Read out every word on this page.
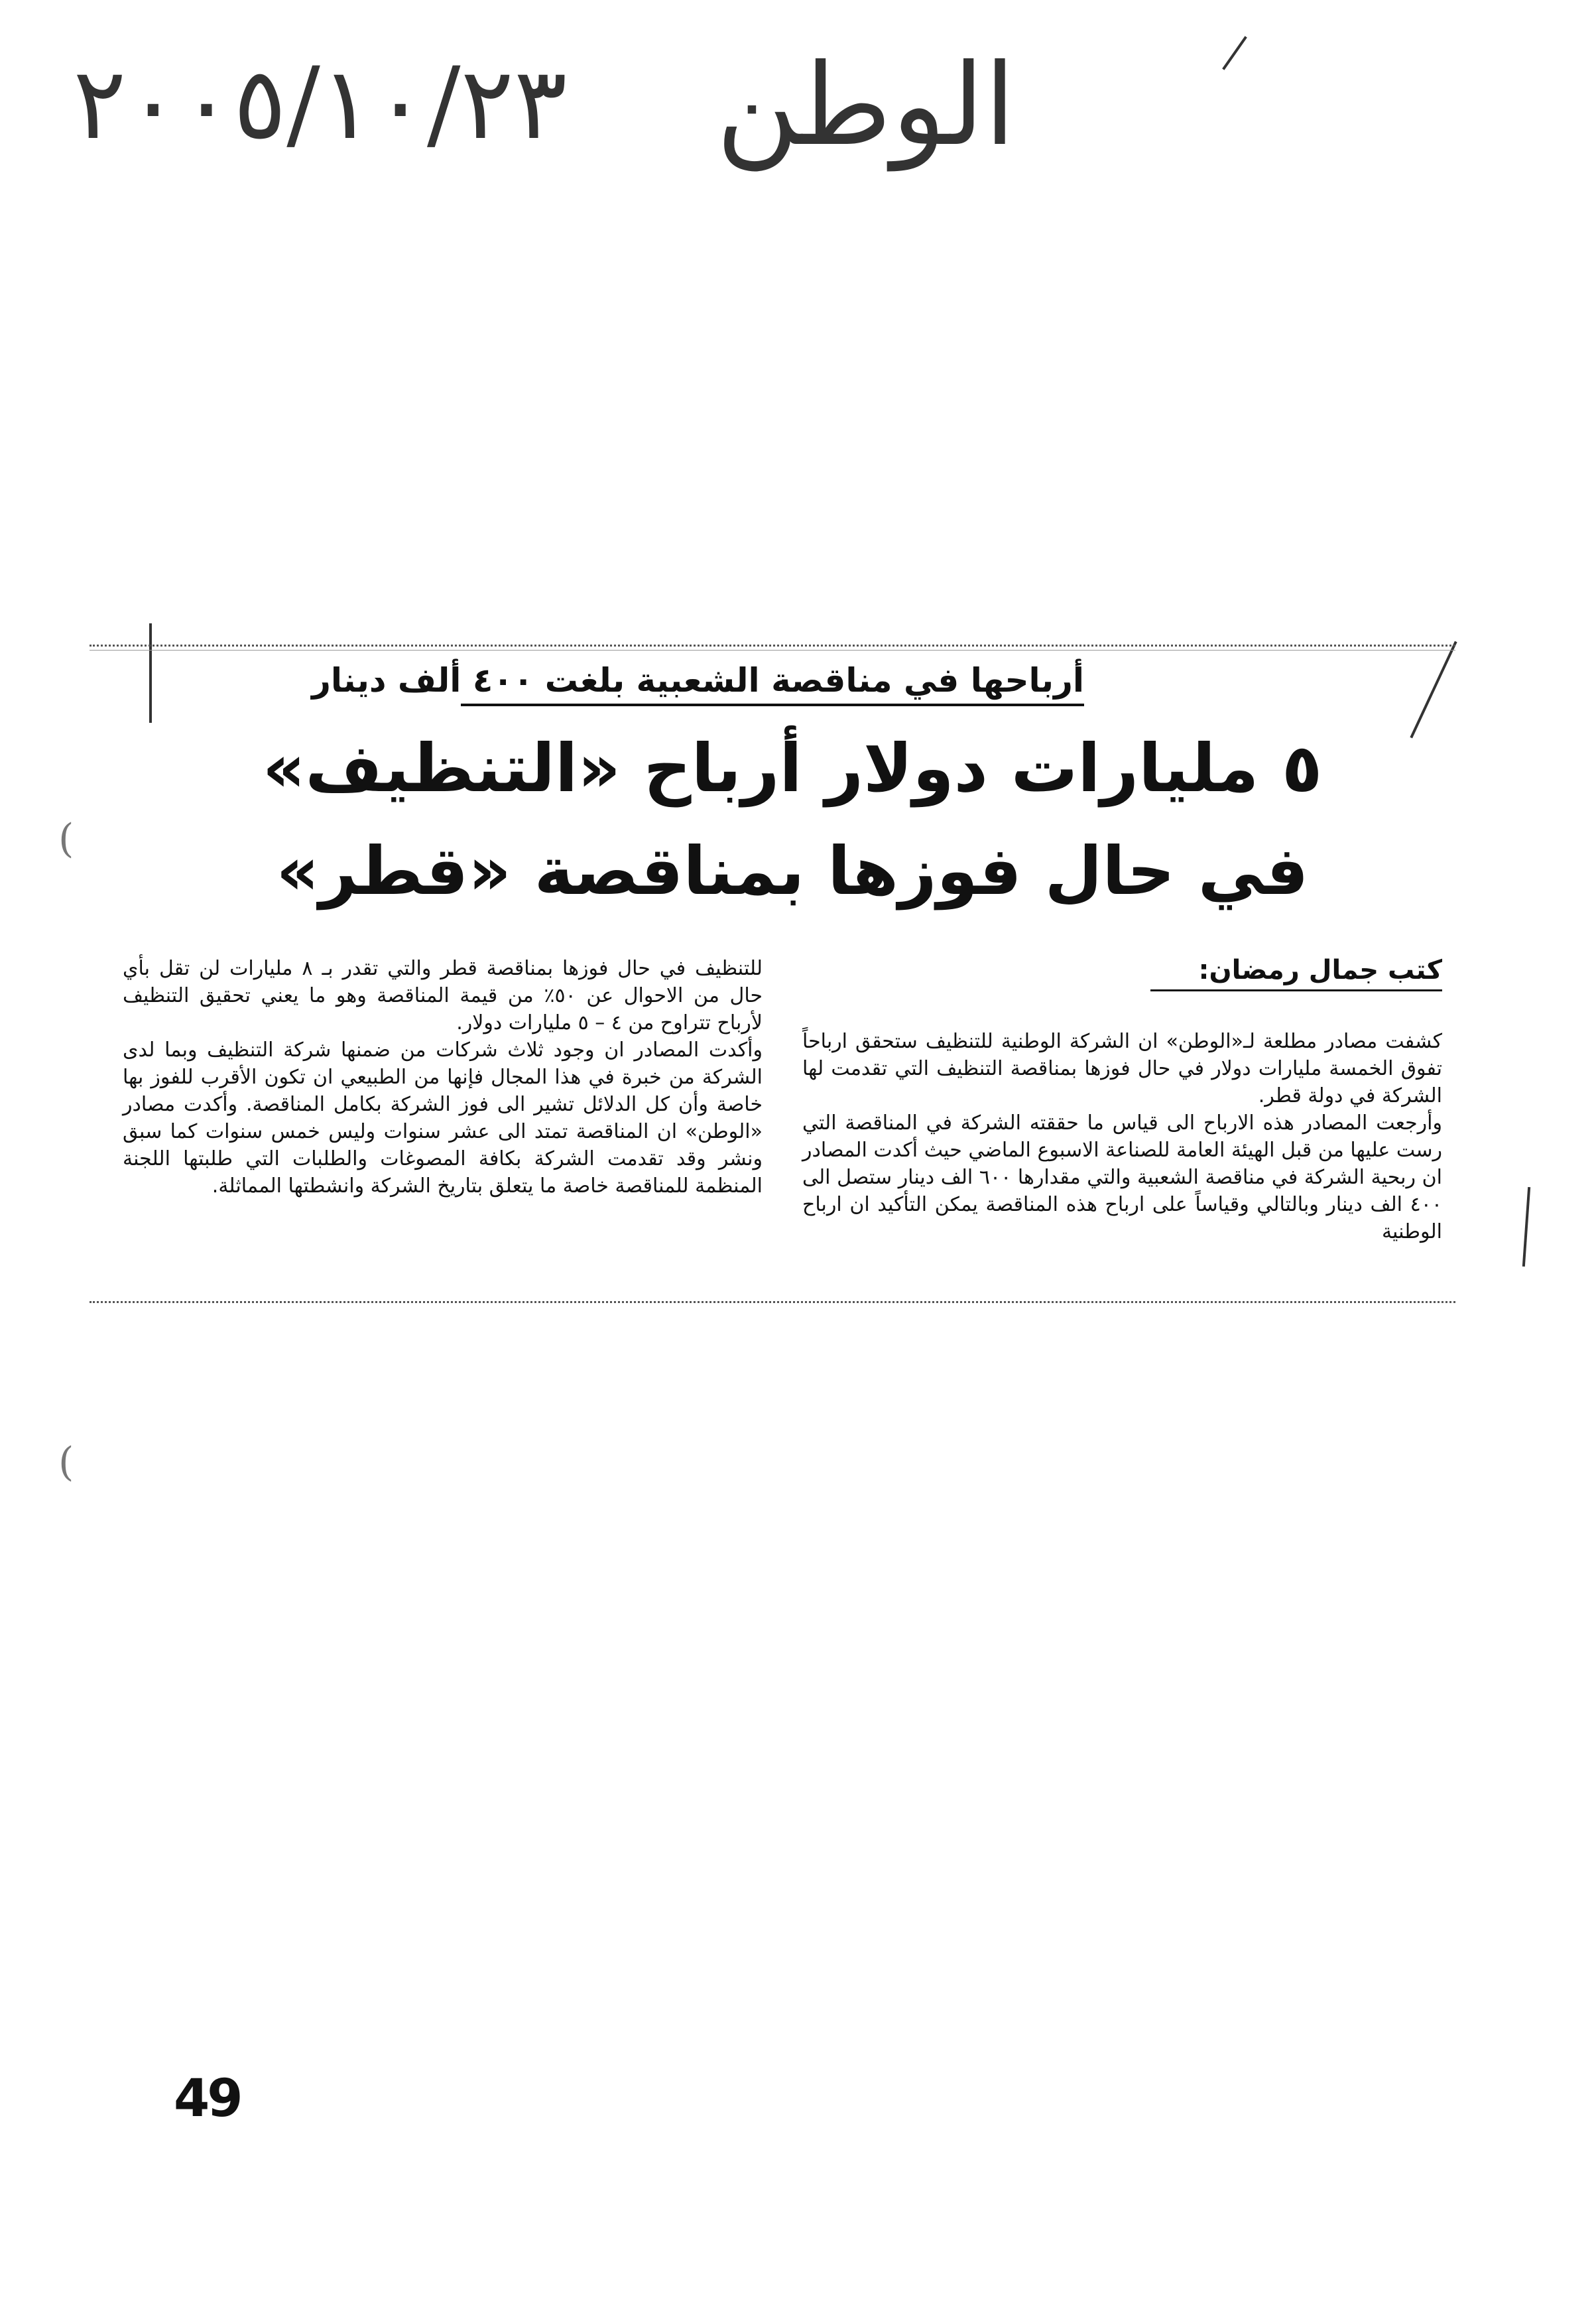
٢٠٠٥/١٠/٢٣ الوطن
(
(
أرباحها في مناقصة الشعبية بلغت ٤٠٠ ألف دينار
٥ مليارات دولار أرباح «التنظيف»
في حال فوزها بمناقصة «قطر»
كتب جمال رمضان:
كشفت مصادر مطلعة لـ«الوطن» ان الشركة الوطنية للتنظيف ستحقق ارباحاً تفوق الخمسة مليارات دولار في حال فوزها بمناقصة التنظيف التي تقدمت لها الشركة في دولة قطر.
وأرجعت المصادر هذه الارباح الى قياس ما حققته الشركة في المناقصة التي رست عليها من قبل الهيئة العامة للصناعة الاسبوع الماضي حيث أكدت المصادر ان ربحية الشركة في مناقصة الشعبية والتي مقدارها ٦٠٠ الف دينار ستصل الى ٤٠٠ الف دينار وبالتالي وقياساً على ارباح هذه المناقصة يمكن التأكيد ان ارباح الوطنية
للتنظيف في حال فوزها بمناقصة قطر والتي تقدر بـ ٨ مليارات لن تقل بأي حال من الاحوال عن ٥٠٪ من قيمة المناقصة وهو ما يعني تحقيق التنظيف لأرباح تتراوح من ٤ – ٥ مليارات دولار.
وأكدت المصادر ان وجود ثلاث شركات من ضمنها شركة التنظيف وبما لدى الشركة من خبرة في هذا المجال فإنها من الطبيعي ان تكون الأقرب للفوز بها خاصة وأن كل الدلائل تشير الى فوز الشركة بكامل المناقصة. وأكدت مصادر «الوطن» ان المناقصة تمتد الى عشر سنوات وليس خمس سنوات كما سبق ونشر وقد تقدمت الشركة بكافة المصوغات والطلبات التي طلبتها اللجنة المنظمة للمناقصة خاصة ما يتعلق بتاريخ الشركة وانشطتها المماثلة.
49
